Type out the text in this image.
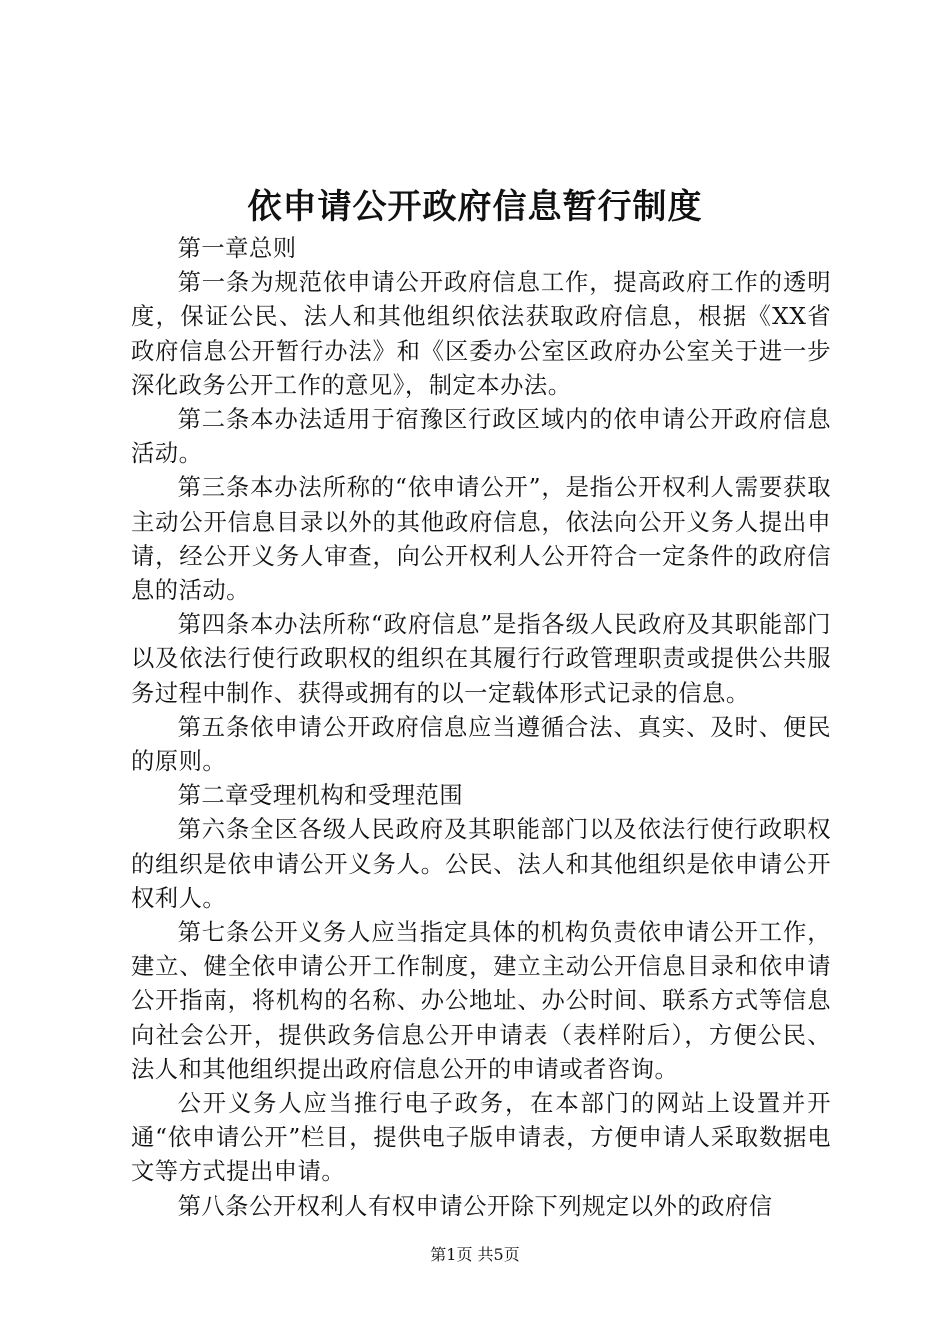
依申请公开政府信息暂行制度

第一章总则

第一条为规范依申请公开政府信息工作，提高政府工作的透明度，保证公民、法人和其他组织依法获取政府信息，根据《XX省政府信息公开暂行办法》和《区委办公室区政府办公室关于进一步深化政务公开工作的意见》，制定本办法。

第二条本办法适用于宿豫区行政区域内的依申请公开政府信息活动。

第三条本办法所称的“依申请公开”，是指公开权利人需要获取主动公开信息目录以外的其他政府信息，依法向公开义务人提出申请，经公开义务人审查，向公开权利人公开符合一定条件的政府信息的活动。

第四条本办法所称“政府信息”是指各级人民政府及其职能部门以及依法行使行政职权的组织在其履行行政管理职责或提供公共服务过程中制作、获得或拥有的以一定载体形式记录的信息。

第五条依申请公开政府信息应当遵循合法、真实、及时、便民的原则。

第二章受理机构和受理范围

第六条全区各级人民政府及其职能部门以及依法行使行政职权的组织是依申请公开义务人。公民、法人和其他组织是依申请公开权利人。

第七条公开义务人应当指定具体的机构负责依申请公开工作，建立、健全依申请公开工作制度，建立主动公开信息目录和依申请公开指南，将机构的名称、办公地址、办公时间、联系方式等信息向社会公开，提供政务信息公开申请表（表样附后），方便公民、法人和其他组织提出政府信息公开的申请或者咨询。

公开义务人应当推行电子政务，在本部门的网站上设置并开通“依申请公开”栏目，提供电子版申请表，方便申请人采取数据电文等方式提出申请。

第八条公开权利人有权申请公开除下列规定以外的政府信

第1页 共5页
